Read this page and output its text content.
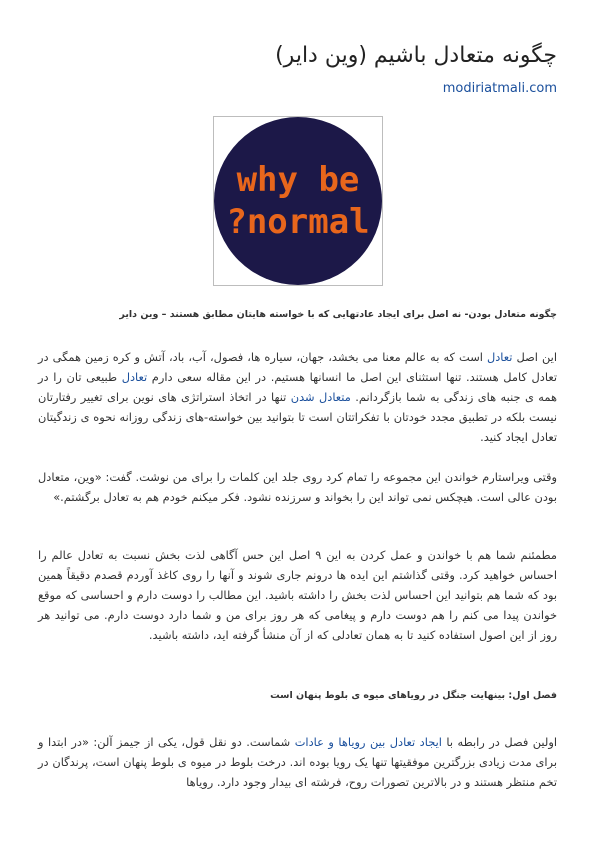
چگونه متعادل باشیم (وین دایر)
modiriatmali.com
why be
normal?
چگونه متعادل بودن- نه اصل برای ایجاد عادتهایی که با خواسته هایتان مطابق هستند – وین دایر

این اصل تعادل است که به عالم معنا می بخشد، جهان، سیاره ها، فصول، آب، باد، آتش و کره زمین همگی در تعادل کامل هستند. تنها استثنای این اصل ما انسانها هستیم. در این مقاله سعی دارم تعادل طبیعی تان را در همه ی جنبه های زندگی به شما بازگردانم. متعادل شدن تنها در اتخاذ استراتژی های نوین برای تغییر رفتارتان نیست بلکه در تطبیق مجدد خودتان با تفکراتتان است تا بتوانید بین خواسته-های زندگی روزانه نحوه ی زندگیتان تعادل ایجاد کنید.

وقتی ویراستارم خواندن این مجموعه را تمام کرد روی جلد این کلمات را برای من نوشت. گفت: «وین، متعادل بودن عالی است. هیچکس نمی تواند این را بخواند و سرزنده نشود. فکر میکنم خودم هم به تعادل برگشتم.»

مطمئنم شما هم با خواندن و عمل کردن به این ۹ اصل این حس آگاهی لذت بخش نسبت به تعادل عالم را احساس خواهید کرد. وقتی گذاشتم این ایده ها درونم جاری شوند و آنها را روی کاغذ آوردم قصدم دقیقاً همین بود که شما هم بتوانید این احساس لذت بخش را داشته باشید. این مطالب را دوست دارم و احساسی که موقع خواندن پیدا می کنم را هم دوست دارم و پیغامی که هر روز برای من و شما دارد دوست دارم. می توانید هر روز از این اصول استفاده کنید تا به همان تعادلی که از آن منشأ گرفته اید، داشته باشید.

فصل اول: بینهایت جنگل در رویاهای میوه ی بلوط پنهان است

اولین فصل در رابطه با ایجاد تعادل بین رویاها و عادات شماست. دو نقل قول، یکی از جیمز آلن: «در ابتدا و برای مدت زیادی بزرگترین موفقیتها تنها یک رویا بوده اند. درخت بلوط در میوه ی بلوط پنهان است، پرندگان در تخم منتظر هستند و در بالاترین تصورات روح، فرشته ای بیدار وجود دارد. رویاها
